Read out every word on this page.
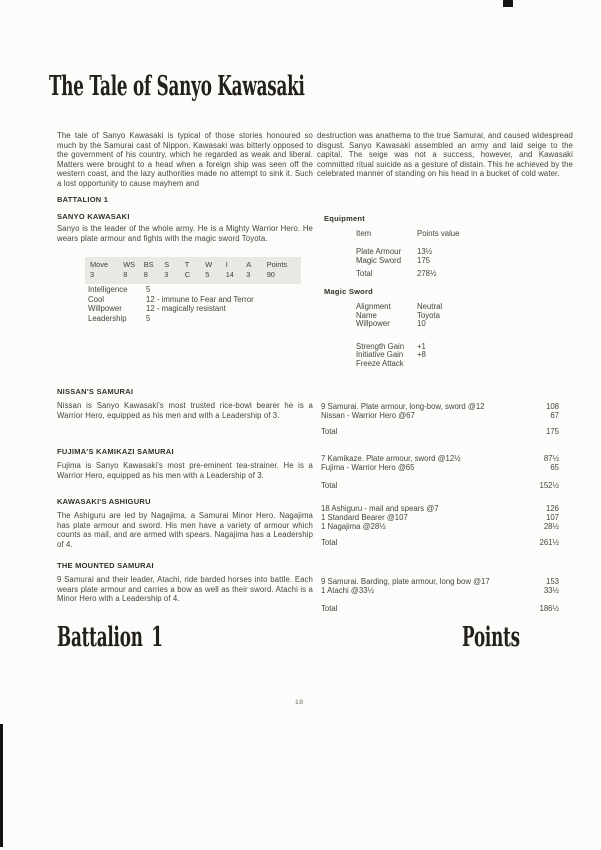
The Tale of Sanyo Kawasaki

The tale of Sanyo Kawasaki is typical of those stories honoured so much by the Samurai cast of Nippon. Kawasaki was bitterly opposed to the government of his country, which he regarded as weak and liberal. Matters were brought to a head when a foreign ship was seen off the western coast, and the lazy authorities made no attempt to sink it. Such a lost opportunity to cause mayhem and

destruction was anathema to the true Samurai, and caused widespread disgust. Sanyo Kawasaki assembled an army and laid seige to the capital. The seige was not a success, however, and Kawasaki committed ritual suicide as a gesture of distain. This he achieved by the celebrated manner of standing on his head in a bucket of cold water.

BATTALION 1
SANYO KAWASAKI

Sanyo is the leader of the whole army. He is a Mighty Warrior Hero. He wears plate armour and fights with the magic sword Toyota.

Move	WS	BS	S	T	W	I	A	Points
3	8	8	3	C	5	14	3	90
Intelligence	5
Cool	12 - immune to Fear and Terror
Willpower	12 - magically resistant
Leadership	5
Equipment
Item	Points value
Plate Armour	13½
Magic Sword	175
Total	278½
Magic Sword
Alignment	Neutral
Name	Toyota
Willpower	10
Strength Gain	+1
Initiative Gain	+8
Freeze Attack
NISSAN'S SAMURAI

Nissan is Sanyo Kawasaki's most trusted rice-bowl bearer he is a Warrior Hero, equipped as his men and with a Leadership of 3.

FUJIMA'S KAMIKAZI SAMURAI

Fujima is Sanyo Kawasaki's most pre-eminent tea-strainer. He is a Warrior Hero, equipped as his men with a Leadership of 3.

KAWASAKI'S ASHIGURU

The Ashiguru are led by Nagajima, a Samurai Minor Hero. Nagajima has plate armour and sword. His men have a variety of armour which counts as mail, and are armed with spears. Nagajima has a Leadership of 4.

THE MOUNTED SAMURAI

9 Samurai and their leader, Atachi, ride barded horses into battle. Each wears plate armour and carries a bow as well as their sword. Atachi is a Minor Hero with a Leadership of 4.

9 Samurai. Plate armour, long-bow, sword @12	108
Nissan - Warrior Hero @67	67
Total	175
7 Kamikaze. Plate armour, sword @12½	87½
Fujima - Warrior Hero @65	65
Total	152½
18 Ashiguru - mail and spears @7	126
1 Standard Bearer @107	107
1 Nagajima @28½	28½
Total	261½
9 Samurai. Barding, plate armour, long bow @17	153
1 Atachi @33½	33½
Total	186½
Battalion 1	Points
18
